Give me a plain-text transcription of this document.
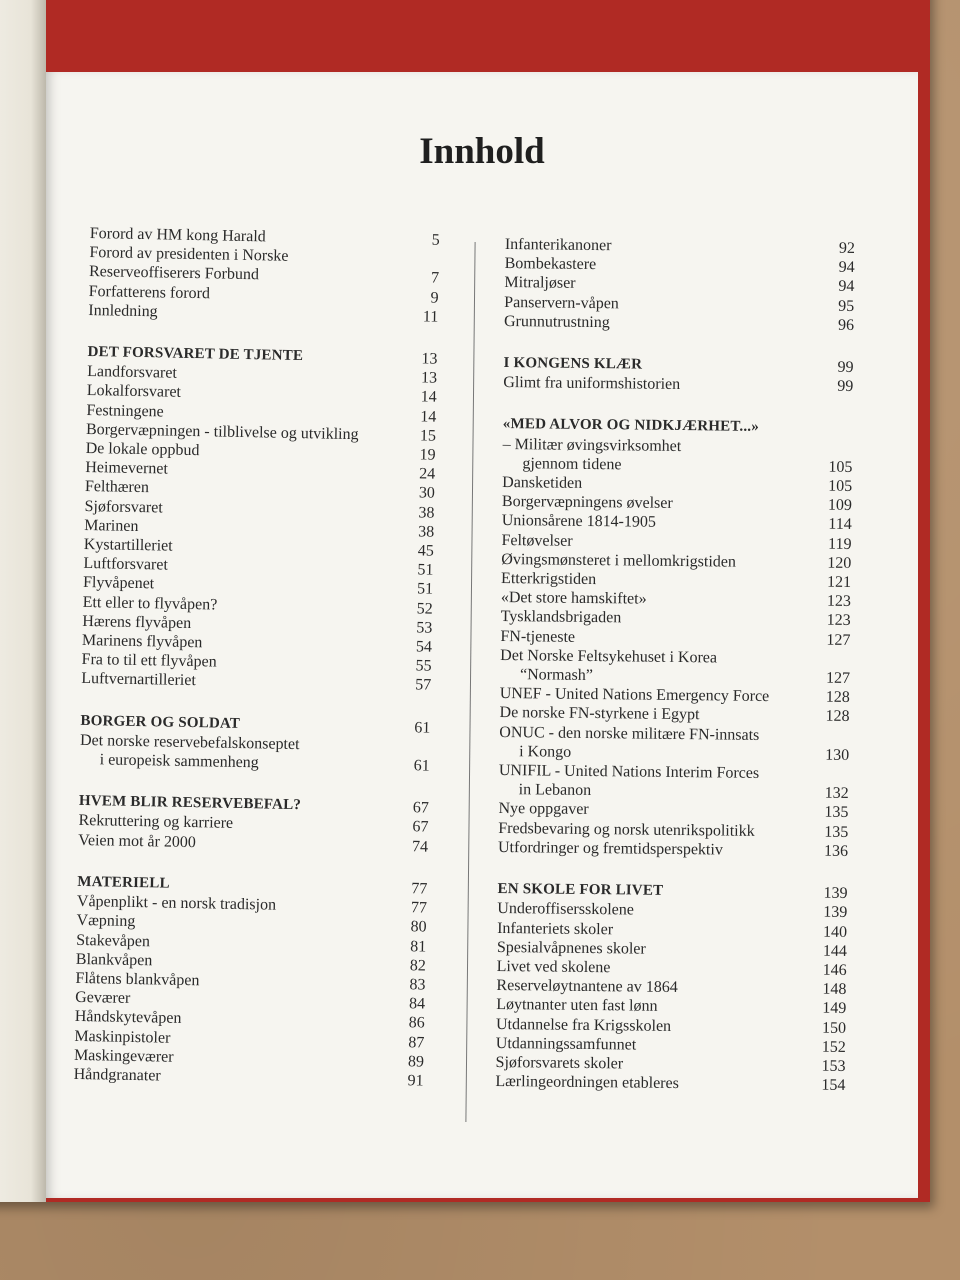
Innhold
Forord av HM kong Harald	5
Forord av presidenten i Norske
Reserveoffiserers Forbund	7
Forfatterens forord	9
Innledning	11
DET FORSVARET DE TJENTE	13
Landforsvaret	13
Lokalforsvaret	14
Festningene	14
Borgervæpningen - tilblivelse og utvikling	15
De lokale oppbud	19
Heimevernet	24
Felthæren	30
Sjøforsvaret	38
Marinen	38
Kystartilleriet	45
Luftforsvaret	51
Flyvåpenet	51
Ett eller to flyvåpen?	52
Hærens flyvåpen	53
Marinens flyvåpen	54
Fra to til ett flyvåpen	55
Luftvernartilleriet	57
BORGER OG SOLDAT	61
Det norske reservebefalskonseptet
i europeisk sammenheng	61
HVEM BLIR RESERVEBEFAL?	67
Rekruttering og karriere	67
Veien mot år 2000	74
MATERIELL	77
Våpenplikt - en norsk tradisjon	77
Væpning	80
Stakevåpen	81
Blankvåpen	82
Flåtens blankvåpen	83
Geværer	84
Håndskytevåpen	86
Maskinpistoler	87
Maskingeværer	89
Håndgranater	91
Infanterikanoner	92
Bombekastere	94
Mitraljøser	94
Panservern-våpen	95
Grunnutrustning	96
I KONGENS KLÆR	99
Glimt fra uniformshistorien	99
«MED ALVOR OG NIDKJÆRHET...»
– Militær øvingsvirksomhet
gjennom tidene	105
Dansketiden	105
Borgervæpningens øvelser	109
Unionsårene 1814-1905	114
Feltøvelser	119
Øvingsmønsteret i mellomkrigstiden	120
Etterkrigstiden	121
«Det store hamskiftet»	123
Tysklandsbrigaden	123
FN-tjeneste	127
Det Norske Feltsykehuset i Korea
“Normash”	127
UNEF - United Nations Emergency Force	128
De norske FN-styrkene i Egypt	128
ONUC - den norske militære FN-innsats
i Kongo	130
UNIFIL - United Nations Interim Forces
in Lebanon	132
Nye oppgaver	135
Fredsbevaring og norsk utenrikspolitikk	135
Utfordringer og fremtidsperspektiv	136
EN SKOLE FOR LIVET	139
Underoffisersskolene	139
Infanteriets skoler	140
Spesialvåpnenes skoler	144
Livet ved skolene	146
Reserveløytnantene av 1864	148
Løytnanter uten fast lønn	149
Utdannelse fra Krigsskolen	150
Utdanningssamfunnet	152
Sjøforsvarets skoler	153
Lærlingeordningen etableres	154
